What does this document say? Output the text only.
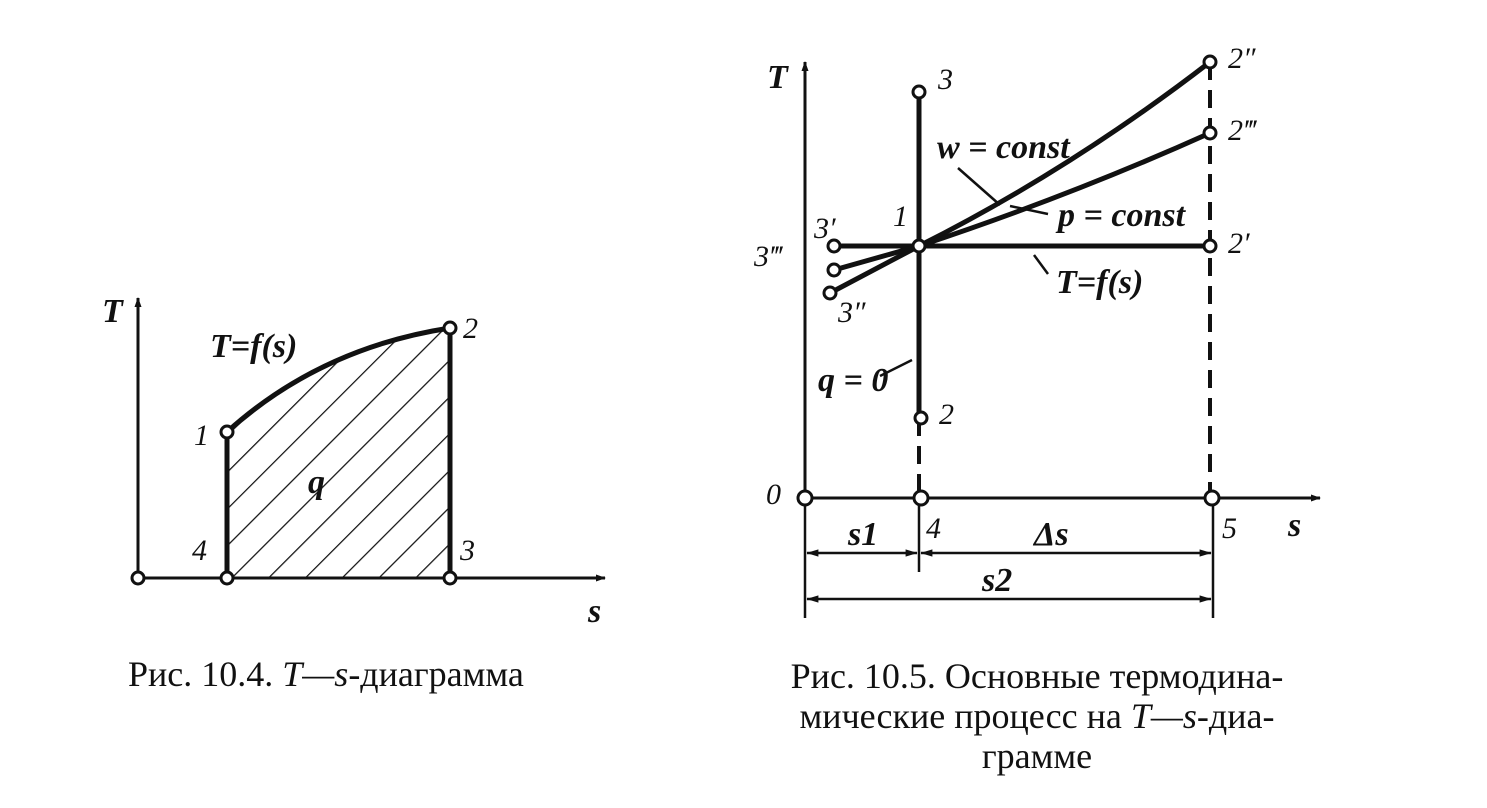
T
s
T=f(s)
q
1
2
3
4
T
s
0
3
1
2
3′
3‴
3″
2″
2‴
2′
4	5
w = const
p = const
T=f(s)
q = 0
s1	Δs
s2
Рис. 10.4. T—s-диаграмма	Рис. 10.5. Основные термодина-
мические процесс на T—s-диа-
грамме
